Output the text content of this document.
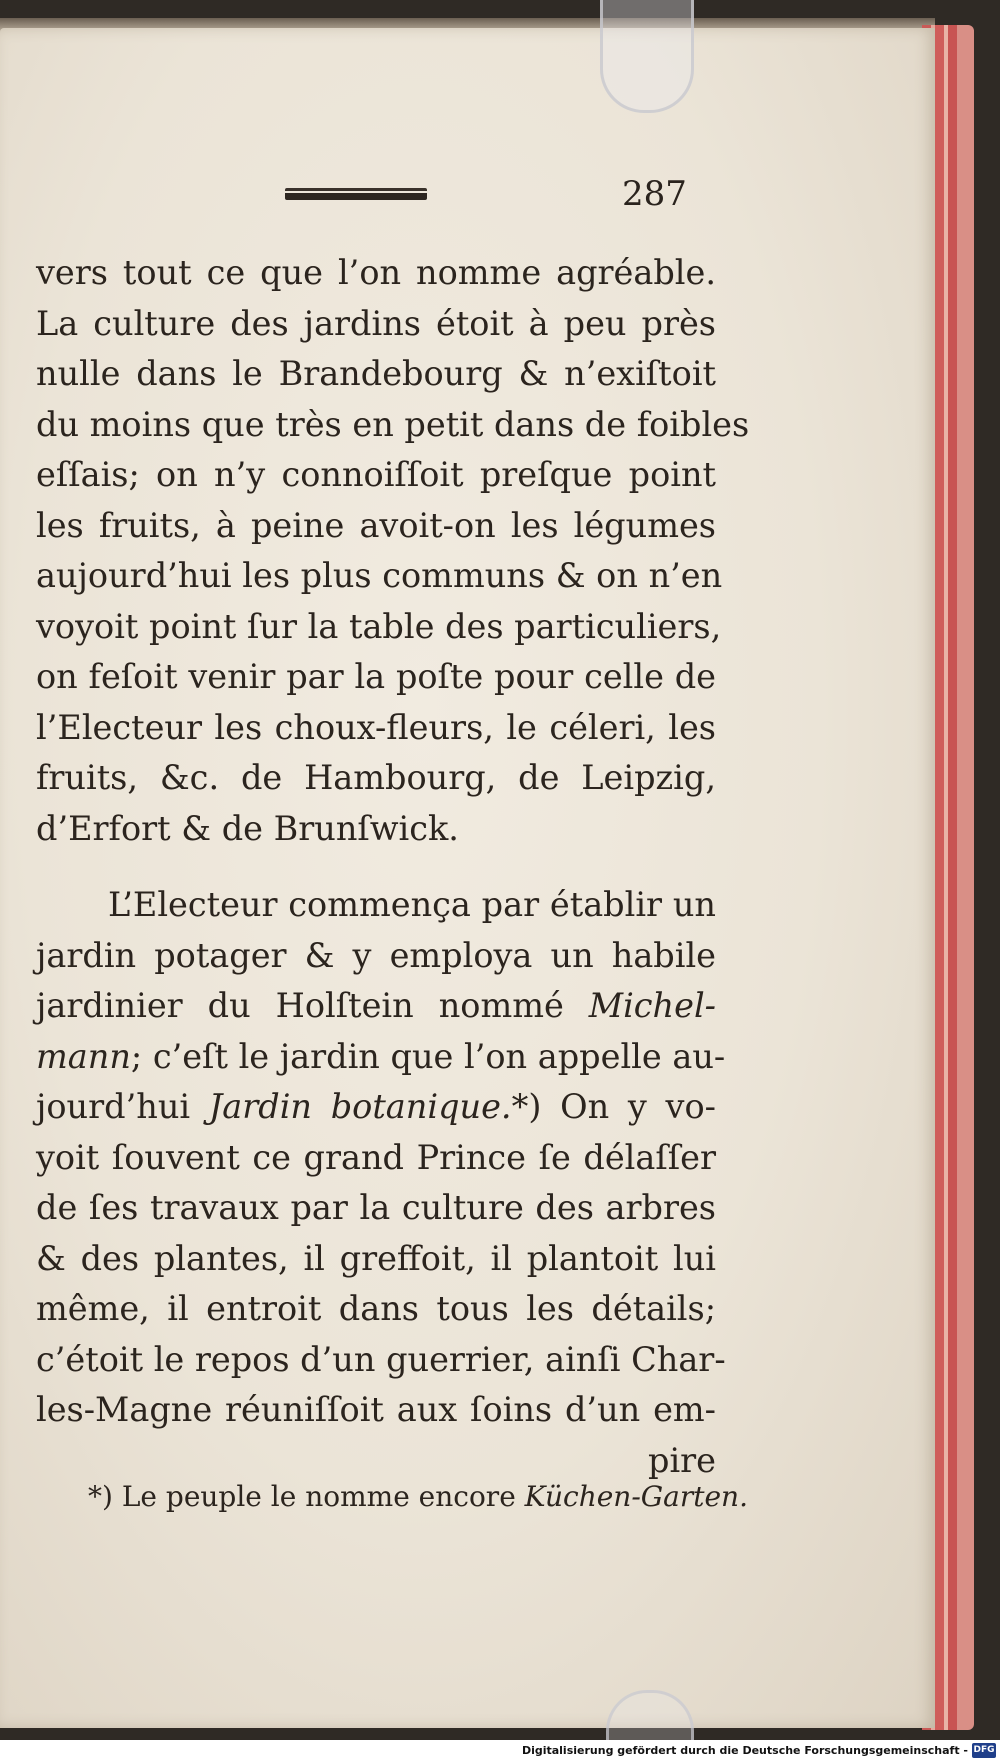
287
vers tout ce que l’on nomme agréable.
La culture des jardins étoit à peu près
nulle dans le Brandebourg & n’exiſtoit
du moins que très en petit dans de foibles
eſſais; on n’y connoiſſoit preſque point
les fruits, à peine avoit-on les légumes
aujourd’hui les plus communs & on n’en
voyoit point ſur la table des particuliers,
on feſoit venir par la poſte pour celle de
l’Electeur les choux-fleurs, le céleri, les
fruits, &c. de Hambourg, de Leipzig,
d’Erfort & de Brunſwick.
L’Electeur commença par établir un
jardin potager & y employa un habile
jardinier du Holſtein nommé Michel-
mann; c’eſt le jardin que l’on appelle au-
jourd’hui Jardin botanique.*) On y vo-
yoit ſouvent ce grand Prince ſe délaſſer
de ſes travaux par la culture des arbres
& des plantes, il greffoit, il plantoit lui
même, il entroit dans tous les détails;
c’étoit le repos d’un guerrier, ainſi Char-
les-Magne réuniſſoit aux ſoins d’un em-
pire
*) Le peuple le nomme encore Küchen-Garten.
Digitalisierung gefördert durch die Deutsche Forschungsgemeinschaft - DFG
